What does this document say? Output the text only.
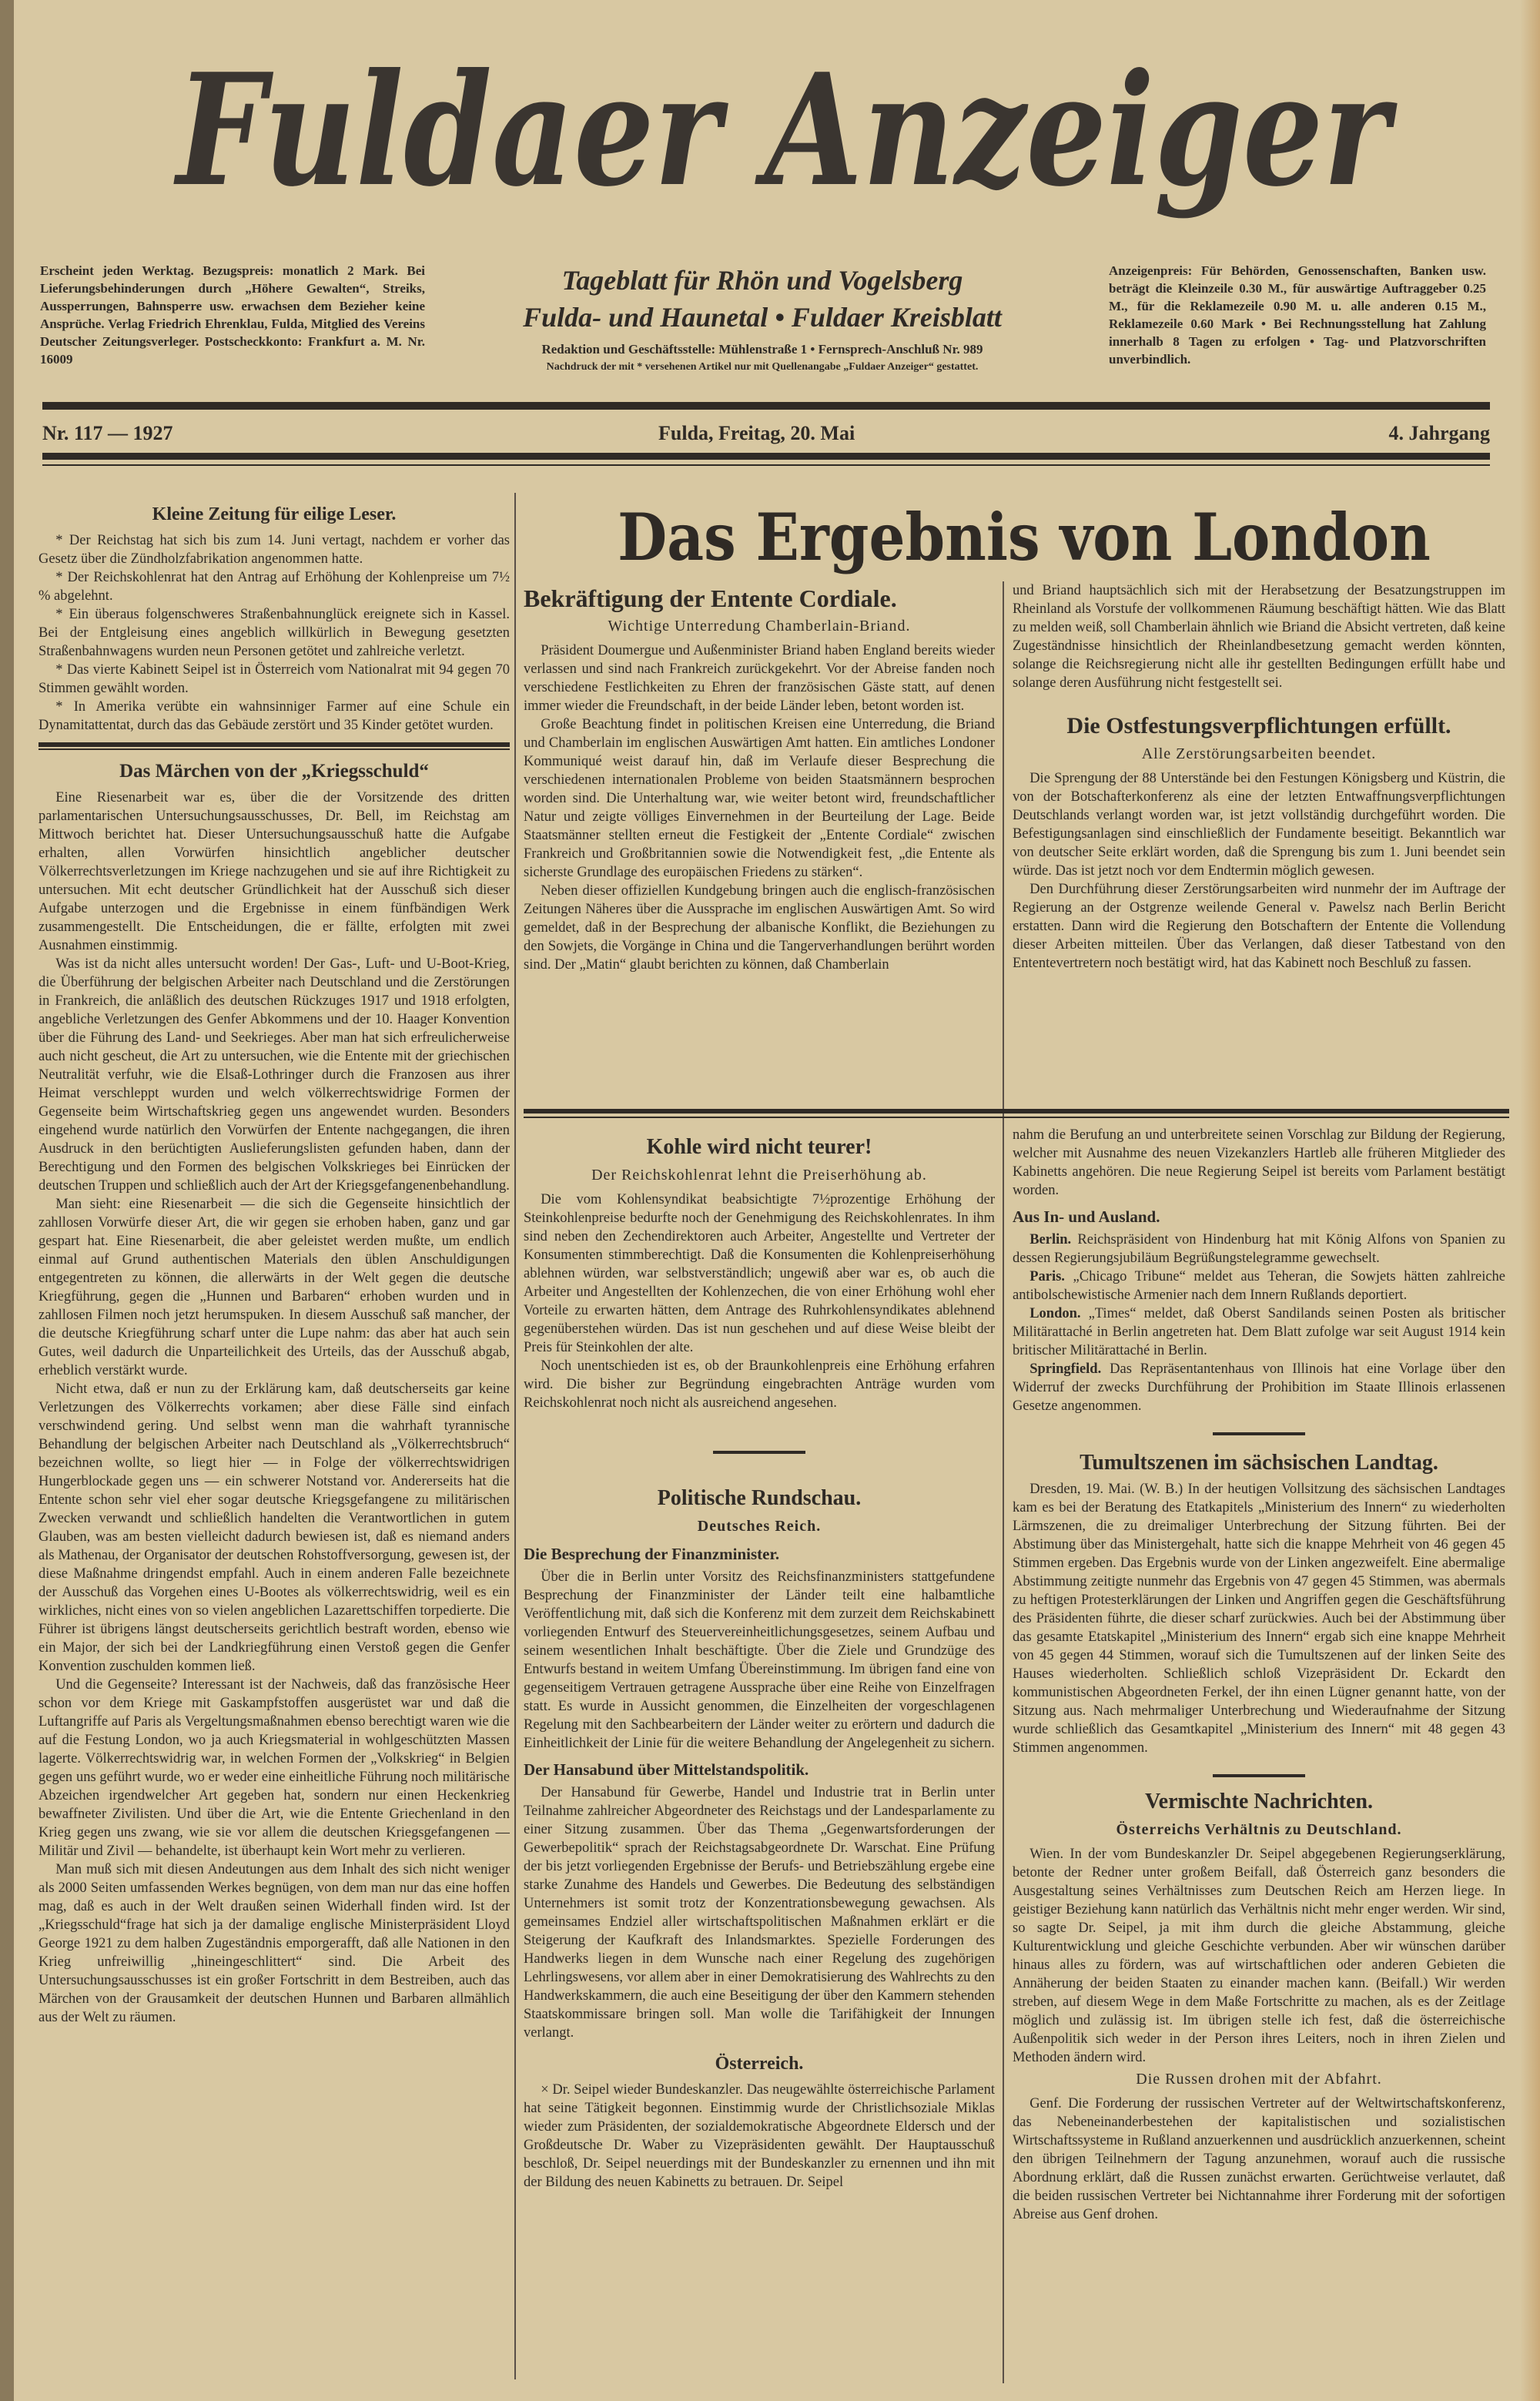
Fuldaer Anzeiger
Erscheint jeden Werktag. Bezugspreis: monatlich 2 Mark. Bei Lieferungsbehinderungen durch „Höhere Gewalten“, Streiks, Aussperrungen, Bahnsperre usw. erwachsen dem Bezieher keine Ansprüche. Verlag Friedrich Ehrenklau, Fulda, Mitglied des Vereins Deutscher Zeitungsverleger. Postscheckkonto: Frankfurt a. M. Nr. 16009
Tageblatt für Rhön und Vogelsberg
Fulda- und Haunetal • Fuldaer Kreisblatt
Redaktion und Geschäftsstelle: Mühlenstraße 1 • Fernsprech-Anschluß Nr. 989
Nachdruck der mit * versehenen Artikel nur mit Quellenangabe „Fuldaer Anzeiger“ gestattet.
Anzeigenpreis: Für Behörden, Genossenschaften, Banken usw. beträgt die Kleinzeile 0.30 M., für auswärtige Auftraggeber 0.25 M., für die Reklamezeile 0.90 M. u. alle anderen 0.15 M., Reklamezeile 0.60 Mark • Bei Rechnungsstellung hat Zahlung innerhalb 8 Tagen zu erfolgen • Tag- und Platzvorschriften unverbindlich.
Nr. 117 — 1927	Fulda, Freitag, 20. Mai	4. Jahrgang
Kleine Zeitung für eilige Leser.

* Der Reichstag hat sich bis zum 14. Juni vertagt, nachdem er vorher das Gesetz über die Zündholzfabrikation angenommen hatte.

* Der Reichskohlenrat hat den Antrag auf Erhöhung der Kohlenpreise um 7½ % abgelehnt.

* Ein überaus folgenschweres Straßenbahnunglück ereignete sich in Kassel. Bei der Entgleisung eines angeblich willkürlich in Bewegung gesetzten Straßenbahnwagens wurden neun Personen getötet und zahlreiche verletzt.

* Das vierte Kabinett Seipel ist in Österreich vom Nationalrat mit 94 gegen 70 Stimmen gewählt worden.

* In Amerika verübte ein wahnsinniger Farmer auf eine Schule ein Dynamitattentat, durch das das Gebäude zerstört und 35 Kinder getötet wurden.

Das Märchen von der „Kriegsschuld“

Eine Riesenarbeit war es, über die der Vorsitzende des dritten parlamentarischen Untersuchungsausschusses, Dr. Bell, im Reichstag am Mittwoch berichtet hat. Dieser Untersuchungsausschuß hatte die Aufgabe erhalten, allen Vorwürfen hinsichtlich angeblicher deutscher Völkerrechtsverletzungen im Kriege nachzugehen und sie auf ihre Richtigkeit zu untersuchen. Mit echt deutscher Gründlichkeit hat der Ausschuß sich dieser Aufgabe unterzogen und die Ergebnisse in einem fünfbändigen Werk zusammengestellt. Die Entscheidungen, die er fällte, erfolgten mit zwei Ausnahmen einstimmig.

Was ist da nicht alles untersucht worden! Der Gas-, Luft- und U-Boot-Krieg, die Überführung der belgischen Arbeiter nach Deutschland und die Zerstörungen in Frankreich, die anläßlich des deutschen Rückzuges 1917 und 1918 erfolgten, angebliche Verletzungen des Genfer Abkommens und der 10. Haager Konvention über die Führung des Land- und Seekrieges. Aber man hat sich erfreulicherweise auch nicht gescheut, die Art zu untersuchen, wie die Entente mit der griechischen Neutralität verfuhr, wie die Elsaß-Lothringer durch die Franzosen aus ihrer Heimat verschleppt wurden und welch völkerrechtswidrige Formen der Gegenseite beim Wirtschaftskrieg gegen uns angewendet wurden. Besonders eingehend wurde natürlich den Vorwürfen der Entente nachgegangen, die ihren Ausdruck in den berüchtigten Auslieferungslisten gefunden haben, dann der Berechtigung und den Formen des belgischen Volkskrieges bei Einrücken der deutschen Truppen und schließlich auch der Art der Kriegsgefangenenbehandlung.

Man sieht: eine Riesenarbeit — die sich die Gegenseite hinsichtlich der zahllosen Vorwürfe dieser Art, die wir gegen sie erhoben haben, ganz und gar gespart hat. Eine Riesenarbeit, die aber geleistet werden mußte, um endlich einmal auf Grund authentischen Materials den üblen Anschuldigungen entgegentreten zu können, die allerwärts in der Welt gegen die deutsche Kriegführung, gegen die „Hunnen und Barbaren“ erhoben wurden und in zahllosen Filmen noch jetzt herumspuken. In diesem Ausschuß saß mancher, der die deutsche Kriegführung scharf unter die Lupe nahm: das aber hat auch sein Gutes, weil dadurch die Unparteilichkeit des Urteils, das der Ausschuß abgab, erheblich verstärkt wurde.

Nicht etwa, daß er nun zu der Erklärung kam, daß deutscherseits gar keine Verletzungen des Völkerrechts vorkamen; aber diese Fälle sind einfach verschwindend gering. Und selbst wenn man die wahrhaft tyrannische Behandlung der belgischen Arbeiter nach Deutschland als „Völkerrechtsbruch“ bezeichnen wollte, so liegt hier — in Folge der völkerrechtswidrigen Hungerblockade gegen uns — ein schwerer Notstand vor. Andererseits hat die Entente schon sehr viel eher sogar deutsche Kriegsgefangene zu militärischen Zwecken verwandt und schließlich handelten die Verantwortlichen in gutem Glauben, was am besten vielleicht dadurch bewiesen ist, daß es niemand anders als Mathenau, der Organisator der deutschen Rohstoffversorgung, gewesen ist, der diese Maßnahme dringendst empfahl. Auch in einem anderen Falle bezeichnete der Ausschuß das Vorgehen eines U-Bootes als völkerrechtswidrig, weil es ein wirkliches, nicht eines von so vielen angeblichen Lazarettschiffen torpedierte. Die Führer ist übrigens längst deutscherseits gerichtlich bestraft worden, ebenso wie ein Major, der sich bei der Landkriegführung einen Verstoß gegen die Genfer Konvention zuschulden kommen ließ.

Und die Gegenseite? Interessant ist der Nachweis, daß das französische Heer schon vor dem Kriege mit Gaskampfstoffen ausgerüstet war und daß die Luftangriffe auf Paris als Vergeltungsmaßnahmen ebenso berechtigt waren wie die auf die Festung London, wo ja auch Kriegsmaterial in wohlgeschützten Massen lagerte. Völkerrechtswidrig war, in welchen Formen der „Volkskrieg“ in Belgien gegen uns geführt wurde, wo er weder eine einheitliche Führung noch militärische Abzeichen irgendwelcher Art gegeben hat, sondern nur einen Heckenkrieg bewaffneter Zivilisten. Und über die Art, wie die Entente Griechenland in den Krieg gegen uns zwang, wie sie vor allem die deutschen Kriegsgefangenen — Militär und Zivil — behandelte, ist überhaupt kein Wort mehr zu verlieren.

Man muß sich mit diesen Andeutungen aus dem Inhalt des sich nicht weniger als 2000 Seiten umfassenden Werkes begnügen, von dem man nur das eine hoffen mag, daß es auch in der Welt draußen seinen Widerhall finden wird. Ist der „Kriegsschuld“frage hat sich ja der damalige englische Ministerpräsident Lloyd George 1921 zu dem halben Zugeständnis emporgerafft, daß alle Nationen in den Krieg unfreiwillig „hineingeschlittert“ sind. Die Arbeit des Untersuchungsausschusses ist ein großer Fortschritt in dem Bestreiben, auch das Märchen von der Grausamkeit der deutschen Hunnen und Barbaren allmählich aus der Welt zu räumen.

Das Ergebnis von London
Bekräftigung der Entente Cordiale.
Wichtige Unterredung Chamberlain-Briand.

Präsident Doumergue und Außenminister Briand haben England bereits wieder verlassen und sind nach Frankreich zurückgekehrt. Vor der Abreise fanden noch verschiedene Festlichkeiten zu Ehren der französischen Gäste statt, auf denen immer wieder die Freundschaft, in der beide Länder leben, betont worden ist.

Große Beachtung findet in politischen Kreisen eine Unterredung, die Briand und Chamberlain im englischen Auswärtigen Amt hatten. Ein amtliches Londoner Kommuniqué weist darauf hin, daß im Verlaufe dieser Besprechung die verschiedenen internationalen Probleme von beiden Staatsmännern besprochen worden sind. Die Unterhaltung war, wie weiter betont wird, freundschaftlicher Natur und zeigte völliges Einvernehmen in der Beurteilung der Lage. Beide Staatsmänner stellten erneut die Festigkeit der „Entente Cordiale“ zwischen Frankreich und Großbritannien sowie die Notwendigkeit fest, „die Entente als sicherste Grundlage des europäischen Friedens zu stärken“.

Neben dieser offiziellen Kundgebung bringen auch die englisch-französischen Zeitungen Näheres über die Aussprache im englischen Auswärtigen Amt. So wird gemeldet, daß in der Besprechung der albanische Konflikt, die Beziehungen zu den Sowjets, die Vorgänge in China und die Tangerverhandlungen berührt worden sind. Der „Matin“ glaubt berichten zu können, daß Chamberlain

und Briand hauptsächlich sich mit der Herabsetzung der Besatzungstruppen im Rheinland als Vorstufe der vollkommenen Räumung beschäftigt hätten. Wie das Blatt zu melden weiß, soll Chamberlain ähnlich wie Briand die Absicht vertreten, daß keine Zugeständnisse hinsichtlich der Rheinlandbesetzung gemacht werden könnten, solange die Reichsregierung nicht alle ihr gestellten Bedingungen erfüllt habe und solange deren Ausführung nicht festgestellt sei.

Die Ostfestungsverpflichtungen erfüllt.
Alle Zerstörungsarbeiten beendet.

Die Sprengung der 88 Unterstände bei den Festungen Königsberg und Küstrin, die von der Botschafterkonferenz als eine der letzten Entwaffnungsverpflichtungen Deutschlands verlangt worden war, ist jetzt vollständig durchgeführt worden. Die Befestigungsanlagen sind einschließlich der Fundamente beseitigt. Bekanntlich war von deutscher Seite erklärt worden, daß die Sprengung bis zum 1. Juni beendet sein würde. Das ist jetzt noch vor dem Endtermin möglich gewesen.

Den Durchführung dieser Zerstörungsarbeiten wird nunmehr der im Auftrage der Regierung an der Ostgrenze weilende General v. Pawelsz nach Berlin Bericht erstatten. Dann wird die Regierung den Botschaftern der Entente die Vollendung dieser Arbeiten mitteilen. Über das Verlangen, daß dieser Tatbestand von den Ententevertretern noch bestätigt wird, hat das Kabinett noch Beschluß zu fassen.

Kohle wird nicht teurer!
Der Reichskohlenrat lehnt die Preiserhöhung ab.

Die vom Kohlensyndikat beabsichtigte 7½prozentige Erhöhung der Steinkohlenpreise bedurfte noch der Genehmigung des Reichskohlenrates. In ihm sind neben den Zechendirektoren auch Arbeiter, Angestellte und Vertreter der Konsumenten stimmberechtigt. Daß die Konsumenten die Kohlenpreiserhöhung ablehnen würden, war selbstverständlich; ungewiß aber war es, ob auch die Arbeiter und Angestellten der Kohlenzechen, die von einer Erhöhung wohl eher Vorteile zu erwarten hätten, dem Antrage des Ruhrkohlensyndikates ablehnend gegenüberstehen würden. Das ist nun geschehen und auf diese Weise bleibt der Preis für Steinkohlen der alte.

Noch unentschieden ist es, ob der Braunkohlenpreis eine Erhöhung erfahren wird. Die bisher zur Begründung eingebrachten Anträge wurden vom Reichskohlenrat noch nicht als ausreichend angesehen.

Politische Rundschau.
Deutsches Reich.
Die Besprechung der Finanzminister.

Über die in Berlin unter Vorsitz des Reichsfinanzministers stattgefundene Besprechung der Finanzminister der Länder teilt eine halbamtliche Veröffentlichung mit, daß sich die Konferenz mit dem zurzeit dem Reichskabinett vorliegenden Entwurf des Steuervereinheitlichungsgesetzes, seinem Aufbau und seinem wesentlichen Inhalt beschäftigte. Über die Ziele und Grundzüge des Entwurfs bestand in weitem Umfang Übereinstimmung. Im übrigen fand eine von gegenseitigem Vertrauen getragene Aussprache über eine Reihe von Einzelfragen statt. Es wurde in Aussicht genommen, die Einzelheiten der vorgeschlagenen Regelung mit den Sachbearbeitern der Länder weiter zu erörtern und dadurch die Einheitlichkeit der Linie für die weitere Behandlung der Angelegenheit zu sichern.

Der Hansabund über Mittelstandspolitik.

Der Hansabund für Gewerbe, Handel und Industrie trat in Berlin unter Teilnahme zahlreicher Abgeordneter des Reichstags und der Landesparlamente zu einer Sitzung zusammen. Über das Thema „Gegenwartsforderungen der Gewerbepolitik“ sprach der Reichstagsabgeordnete Dr. Warschat. Eine Prüfung der bis jetzt vorliegenden Ergebnisse der Berufs- und Betriebszählung ergebe eine starke Zunahme des Handels und Gewerbes. Die Bedeutung des selbständigen Unternehmers ist somit trotz der Konzentrationsbewegung gewachsen. Als gemeinsames Endziel aller wirtschaftspolitischen Maßnahmen erklärt er die Steigerung der Kaufkraft des Inlandsmarktes. Spezielle Forderungen des Handwerks liegen in dem Wunsche nach einer Regelung des zugehörigen Lehrlingswesens, vor allem aber in einer Demokratisierung des Wahlrechts zu den Handwerkskammern, die auch eine Beseitigung der über den Kammern stehenden Staatskommissare bringen soll. Man wolle die Tarifähigkeit der Innungen verlangt.

Österreich.

× Dr. Seipel wieder Bundeskanzler. Das neugewählte österreichische Parlament hat seine Tätigkeit begonnen. Einstimmig wurde der Christlichsoziale Miklas wieder zum Präsidenten, der sozialdemokratische Abgeordnete Eldersch und der Großdeutsche Dr. Waber zu Vizepräsidenten gewählt. Der Hauptausschuß beschloß, Dr. Seipel neuerdings mit der Bundeskanzler zu ernennen und ihn mit der Bildung des neuen Kabinetts zu betrauen. Dr. Seipel

nahm die Berufung an und unterbreitete seinen Vorschlag zur Bildung der Regierung, welcher mit Ausnahme des neuen Vizekanzlers Hartleb alle früheren Mitglieder des Kabinetts angehören. Die neue Regierung Seipel ist bereits vom Parlament bestätigt worden.

Aus In- und Ausland.

Berlin. Reichspräsident von Hindenburg hat mit König Alfons von Spanien zu dessen Regierungsjubiläum Begrüßungstelegramme gewechselt.

Paris. „Chicago Tribune“ meldet aus Teheran, die Sowjets hätten zahlreiche antibolschewistische Armenier nach dem Innern Rußlands deportiert.

London. „Times“ meldet, daß Oberst Sandilands seinen Posten als britischer Militärattaché in Berlin angetreten hat. Dem Blatt zufolge war seit August 1914 kein britischer Militärattaché in Berlin.

Springfield. Das Repräsentantenhaus von Illinois hat eine Vorlage über den Widerruf der zwecks Durchführung der Prohibition im Staate Illinois erlassenen Gesetze angenommen.

Tumultszenen im sächsischen Landtag.

Dresden, 19. Mai. (W. B.) In der heutigen Vollsitzung des sächsischen Landtages kam es bei der Beratung des Etatkapitels „Ministerium des Innern“ zu wiederholten Lärmszenen, die zu dreimaliger Unterbrechung der Sitzung führten. Bei der Abstimung über das Ministergehalt, hatte sich die knappe Mehrheit von 46 gegen 45 Stimmen ergeben. Das Ergebnis wurde von der Linken angezweifelt. Eine abermalige Abstimmung zeitigte nunmehr das Ergebnis von 47 gegen 45 Stimmen, was abermals zu heftigen Protesterklärungen der Linken und Angriffen gegen die Geschäftsführung des Präsidenten führte, die dieser scharf zurückwies. Auch bei der Abstimmung über das gesamte Etatskapitel „Ministerium des Innern“ ergab sich eine knappe Mehrheit von 45 gegen 44 Stimmen, worauf sich die Tumultszenen auf der linken Seite des Hauses wiederholten. Schließlich schloß Vizepräsident Dr. Eckardt den kommunistischen Abgeordneten Ferkel, der ihn einen Lügner genannt hatte, von der Sitzung aus. Nach mehrmaliger Unterbrechung und Wiederaufnahme der Sitzung wurde schließlich das Gesamtkapitel „Ministerium des Innern“ mit 48 gegen 43 Stimmen angenommen.

Vermischte Nachrichten.
Österreichs Verhältnis zu Deutschland.

Wien. In der vom Bundeskanzler Dr. Seipel abgegebenen Regierungserklärung, betonte der Redner unter großem Beifall, daß Österreich ganz besonders die Ausgestaltung seines Verhältnisses zum Deutschen Reich am Herzen liege. In geistiger Beziehung kann natürlich das Verhältnis nicht mehr enger werden. Wir sind, so sagte Dr. Seipel, ja mit ihm durch die gleiche Abstammung, gleiche Kulturentwicklung und gleiche Geschichte verbunden. Aber wir wünschen darüber hinaus alles zu fördern, was auf wirtschaftlichen oder anderen Gebieten die Annäherung der beiden Staaten zu einander machen kann. (Beifall.) Wir werden streben, auf diesem Wege in dem Maße Fortschritte zu machen, als es der Zeitlage möglich und zulässig ist. Im übrigen stelle ich fest, daß die österreichische Außenpolitik sich weder in der Person ihres Leiters, noch in ihren Zielen und Methoden ändern wird.

Die Russen drohen mit der Abfahrt.

Genf. Die Forderung der russischen Vertreter auf der Weltwirtschaftskonferenz, das Nebeneinanderbestehen der kapitalistischen und sozialistischen Wirtschaftssysteme in Rußland anzuerkennen und ausdrücklich anzuerkennen, scheint den übrigen Teilnehmern der Tagung anzunehmen, worauf auch die russische Abordnung erklärt, daß die Russen zunächst erwarten. Gerüchtweise verlautet, daß die beiden russischen Vertreter bei Nichtannahme ihrer Forderung mit der sofortigen Abreise aus Genf drohen.
